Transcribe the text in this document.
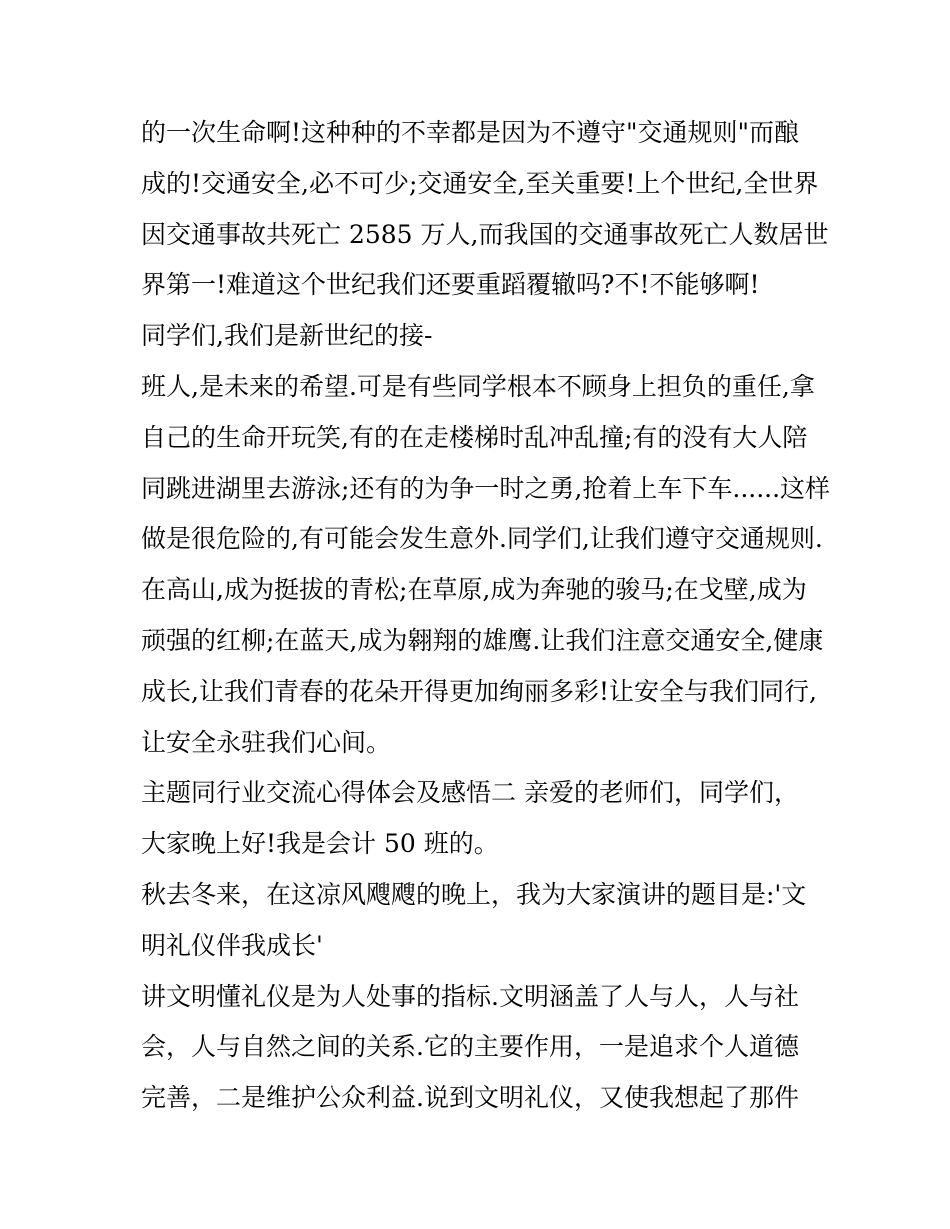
的一次生命啊!这种种的不幸都是因为不遵守"交通规则"而酿
成的!交通安全,必不可少;交通安全,至关重要!上个世纪,全世界
因交通事故共死亡 2585 万人,而我国的交通事故死亡人数居世
界第一!难道这个世纪我们还要重蹈覆辙吗?不!不能够啊!
同学们,我们是新世纪的接-
班人,是未来的希望.可是有些同学根本不顾身上担负的重任,拿
自己的生命开玩笑,有的在走楼梯时乱冲乱撞;有的没有大人陪
同跳进湖里去游泳;还有的为争一时之勇,抢着上车下车......这样
做是很危险的,有可能会发生意外.同学们,让我们遵守交通规则.
在高山,成为挺拔的青松;在草原,成为奔驰的骏马;在戈壁,成为
顽强的红柳;在蓝天,成为翱翔的雄鹰.让我们注意交通安全,健康
成长,让我们青春的花朵开得更加绚丽多彩!让安全与我们同行,
让安全永驻我们心间。
主题同行业交流心得体会及感悟二 亲爱的老师们，同学们，
大家晚上好!我是会计 50 班的。
秋去冬来，在这凉风飕飕的晚上，我为大家演讲的题目是:'文
明礼仪伴我成长'
讲文明懂礼仪是为人处事的指标.文明涵盖了人与人，人与社
会，人与自然之间的关系.它的主要作用，一是追求个人道德
完善，二是维护公众利益.说到文明礼仪，又使我想起了那件
